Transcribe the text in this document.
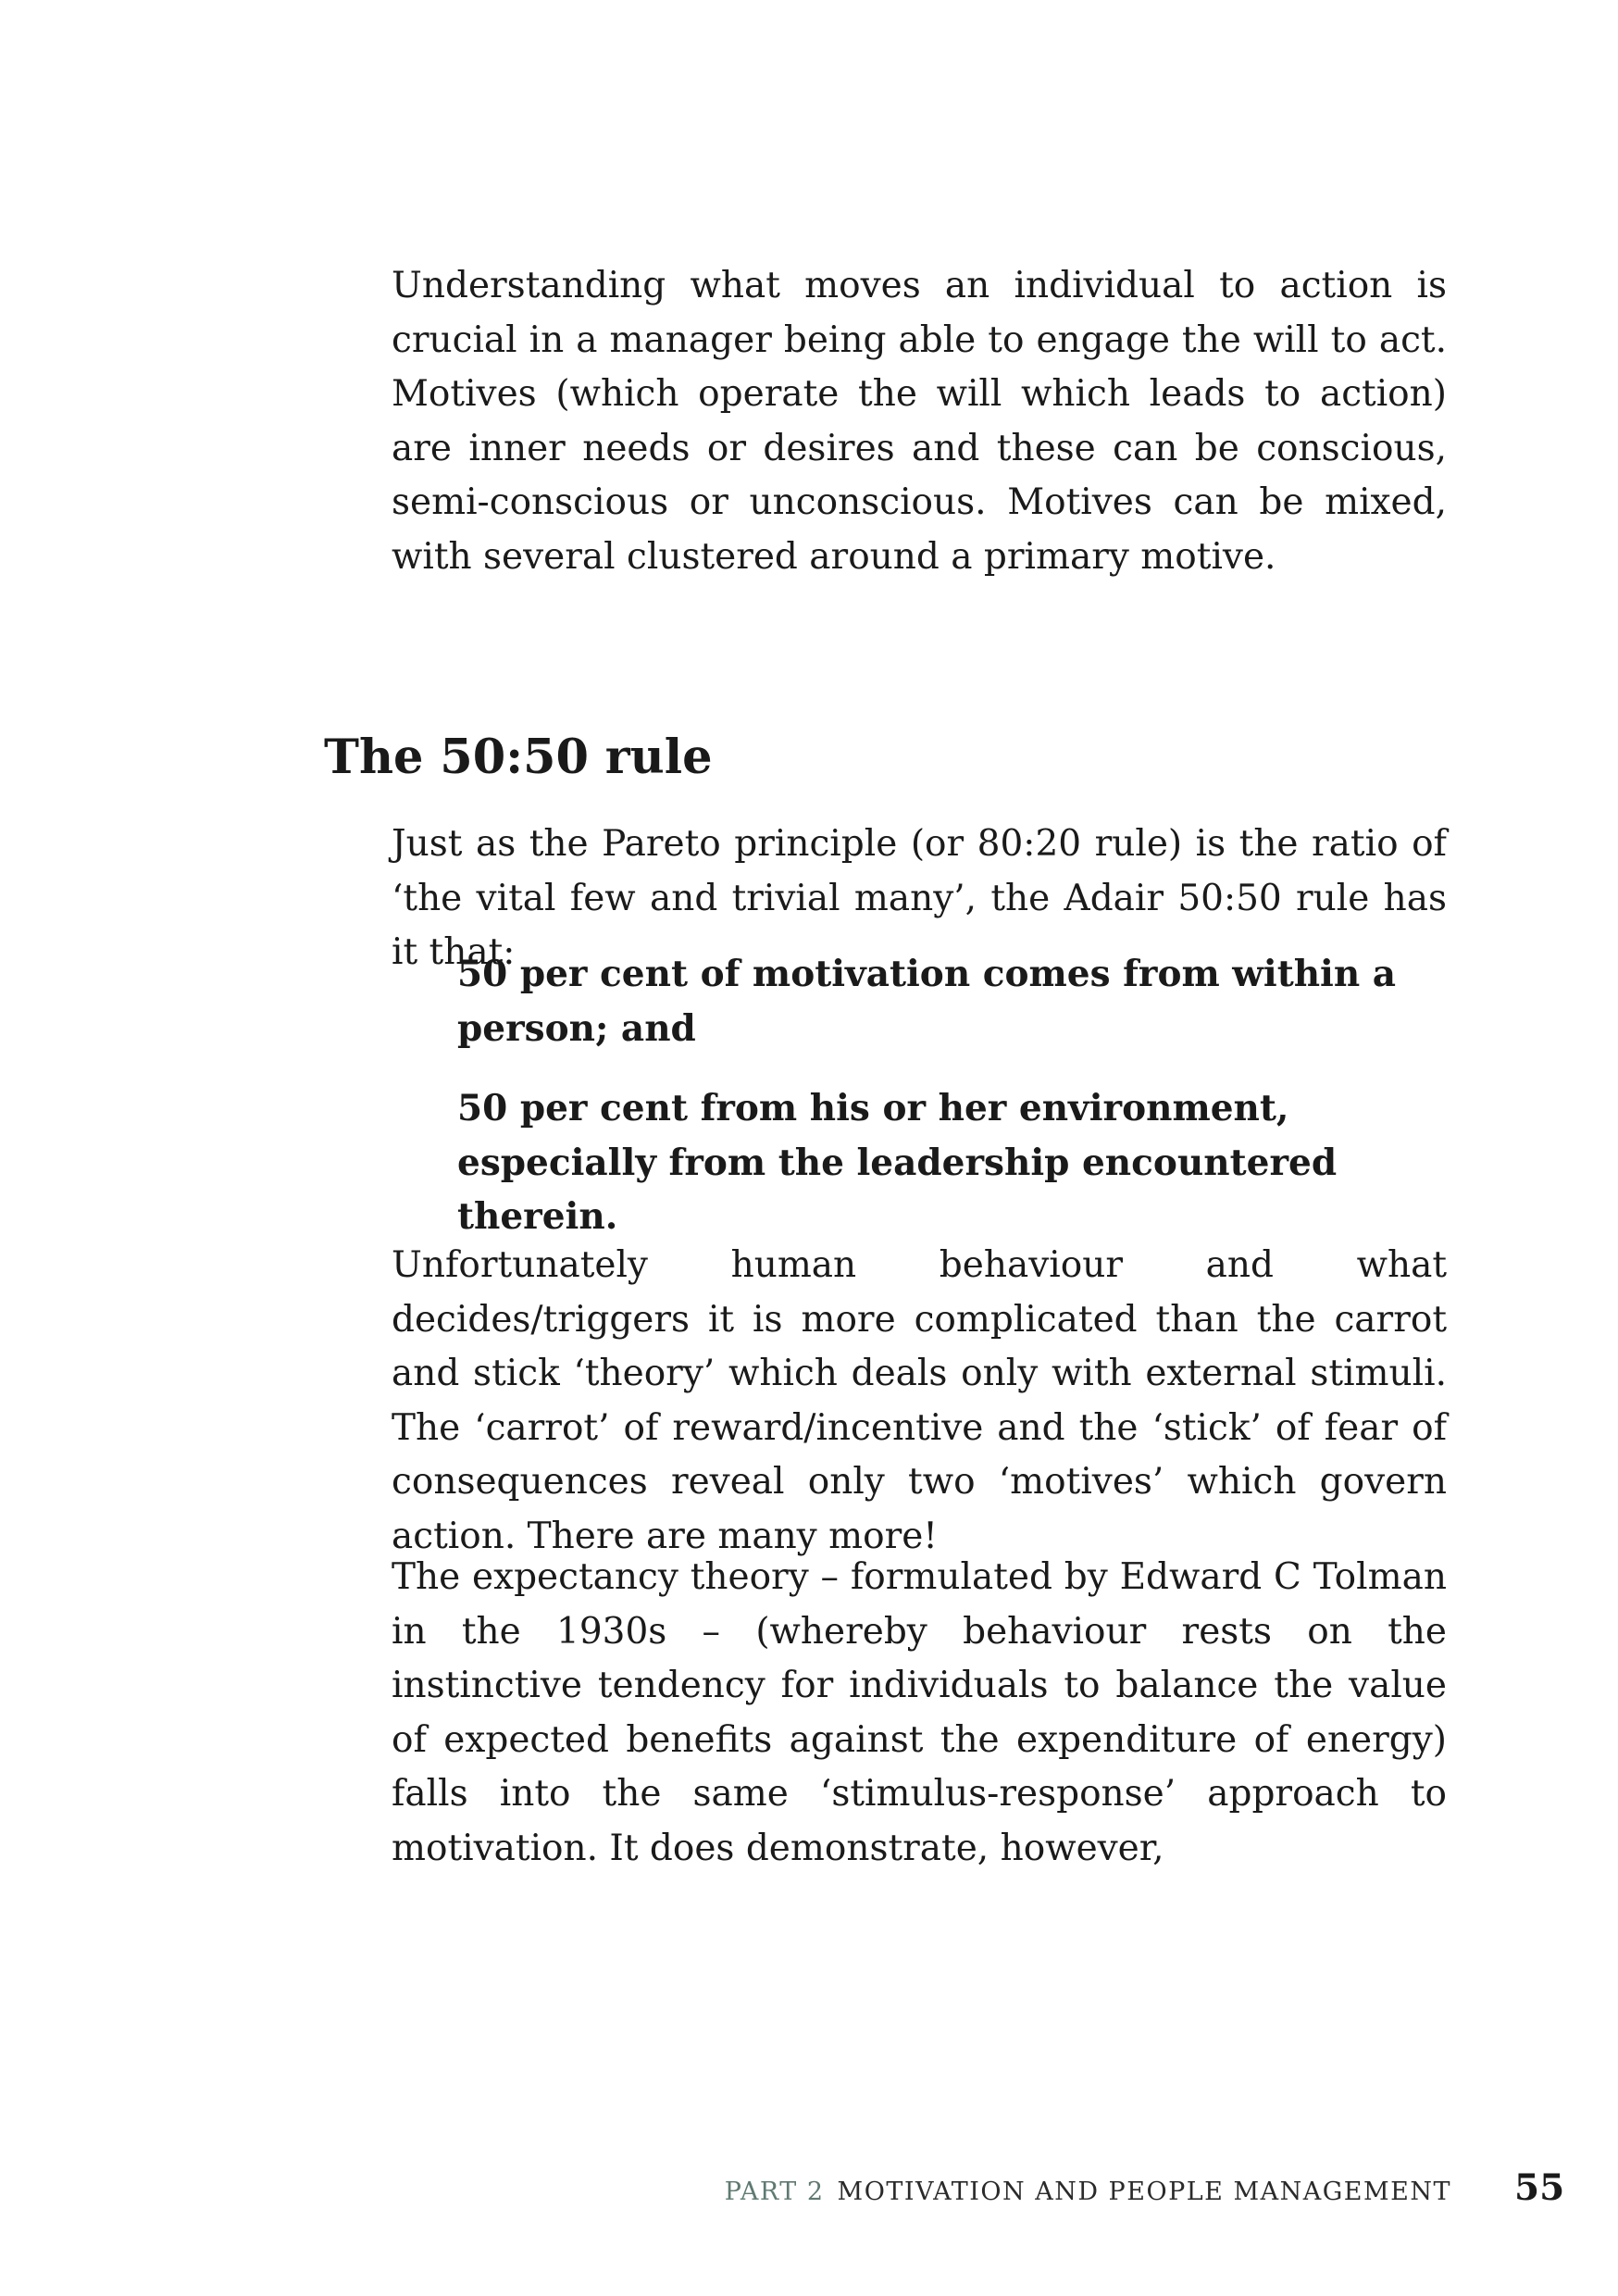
Understanding what moves an individual to action is crucial in a manager being able to engage the will to act. Motives (which operate the will which leads to action) are inner needs or desires and these can be conscious, semi-conscious or unconscious. Motives can be mixed, with several clustered around a primary motive.

The 50:50 rule

Just as the Pareto principle (or 80:20 rule) is the ratio of ‘the vital few and trivial many’, the Adair 50:50 rule has it that:

50 per cent of motivation comes from within a person; and

50 per cent from his or her environment, especially from the leadership encountered therein.

Unfortunately human behaviour and what decides/triggers it is more complicated than the carrot and stick ‘theory’ which deals only with external stimuli. The ‘carrot’ of reward/incentive and the ‘stick’ of fear of consequences reveal only two ‘motives’ which govern action. There are many more!

The expectancy theory – formulated by Edward C Tolman in the 1930s – (whereby behaviour rests on the instinctive tendency for individuals to balance the value of expected benefits against the expenditure of energy) falls into the same ‘stimulus-response’ approach to motivation. It does demonstrate, however,

PART 2 MOTIVATION AND PEOPLE MANAGEMENT 55
